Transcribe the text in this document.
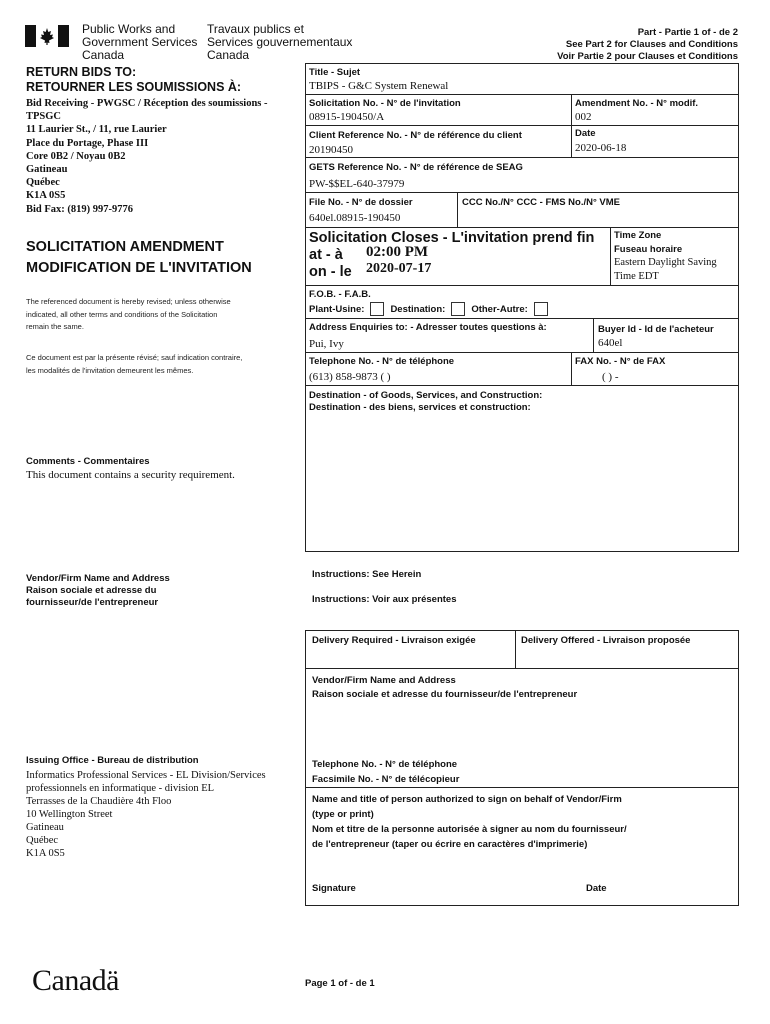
Public Works and
Government Services
Canada
Travaux publics et
Services gouvernementaux
Canada
Part - Partie 1 of - de 2
See Part 2 for Clauses and Conditions
Voir Partie 2 pour Clauses et Conditions
RETURN BIDS TO:
RETOURNER LES SOUMISSIONS À:
Bid Receiving - PWGSC / Réception des soumissions -
TPSGC
11 Laurier St., / 11, rue Laurier
Place du Portage, Phase III
Core 0B2 / Noyau 0B2
Gatineau
Québec
K1A 0S5
Bid Fax: (819) 997-9776
SOLICITATION AMENDMENT
MODIFICATION DE L'INVITATION
The referenced document is hereby revised; unless otherwise
indicated, all other terms and conditions of the Solicitation
remain the same.
Ce document est par la présente révisé; sauf indication contraire,
les modalités de l'invitation demeurent les mêmes.
Comments - Commentaires
This document contains a security requirement.
Vendor/Firm Name and Address
Raison sociale et adresse du
fournisseur/de l'entrepreneur
Issuing Office - Bureau de distribution
Informatics Professional Services - EL Division/Services
professionnels en informatique - division EL
Terrasses de la Chaudière 4th Floo
10 Wellington Street
Gatineau
Québec
K1A 0S5
Title - Sujet
TBIPS - G&C System Renewal
Solicitation No. - N° de l'invitation
08915-190450/A
Amendment No. - N° modif.
002
Client Reference No. - N° de référence du client
20190450
Date
2020-06-18
GETS Reference No. - N° de référence de SEAG
PW-$$EL-640-37979
File No. - N° de dossier
640el.08915-190450
CCC No./N° CCC - FMS No./N° VME
Solicitation Closes - L'invitation prend fin
at - à 02:00 PM
on - le 2020-07-17
Time Zone
Fuseau horaire
Eastern Daylight Saving
Time EDT
F.O.B. - F.A.B.
Plant-Usine:	Destination:	Other-Autre:
Address Enquiries to: - Adresser toutes questions à:
Pui, Ivy
Buyer Id - Id de l'acheteur
640el
Telephone No. - N° de téléphone
(613) 858-9873 ( )
FAX No. - N° de FAX
( ) -
Destination - of Goods, Services, and Construction:
Destination - des biens, services et construction:
Instructions: See Herein
Instructions: Voir aux présentes
Delivery Required - Livraison exigée	Delivery Offered - Livraison proposée
Vendor/Firm Name and Address
Raison sociale et adresse du fournisseur/de l'entrepreneur
Telephone No. - N° de téléphone
Facsimile No. - N° de télécopieur
Name and title of person authorized to sign on behalf of Vendor/Firm
(type or print)
Nom et titre de la personne autorisée à signer au nom du fournisseur/
de l'entrepreneur (taper ou écrire en caractères d'imprimerie)
Signature	Date
Canadä	Page 1 of - de 1
